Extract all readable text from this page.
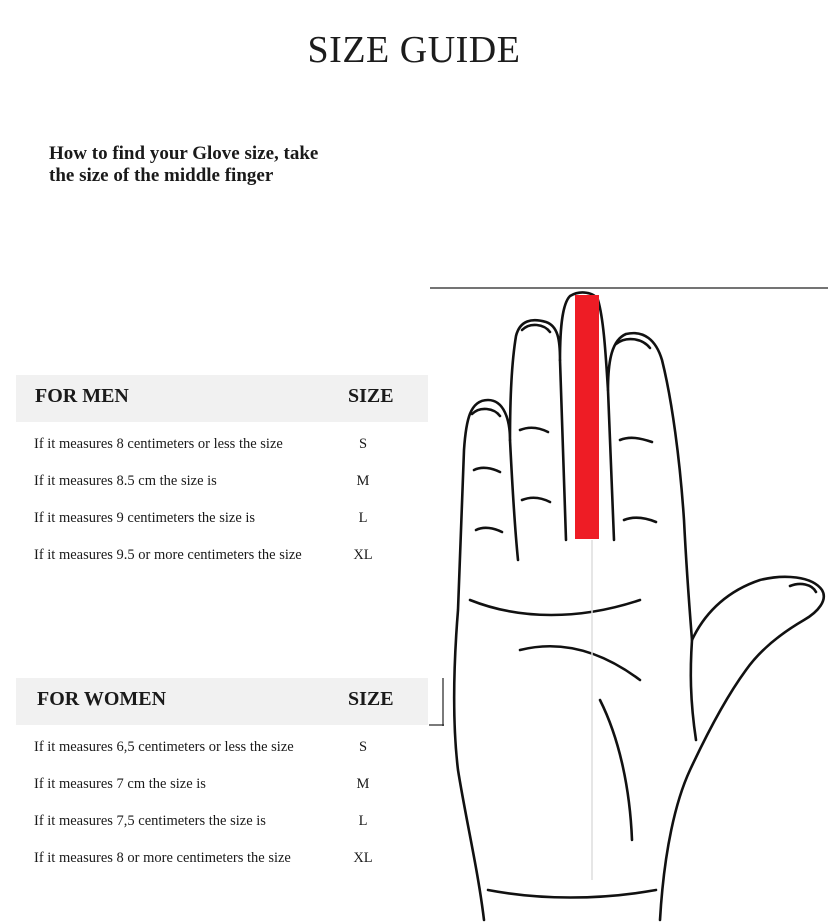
SIZE GUIDE
How to find your Glove size, take
the size of the middle finger
FOR MEN	SIZE
If it measures 8 centimeters or less the size	S
If it measures 8.5 cm the size is	M
If it measures 9 centimeters the size is	L
If it measures 9.5 or more centimeters the size	XL
FOR WOMEN	SIZE
If it measures 6,5 centimeters or less the size	S
If it measures 7 cm the size is	M
If it measures 7,5 centimeters the size is	L
If it measures 8 or more centimeters the size	XL
